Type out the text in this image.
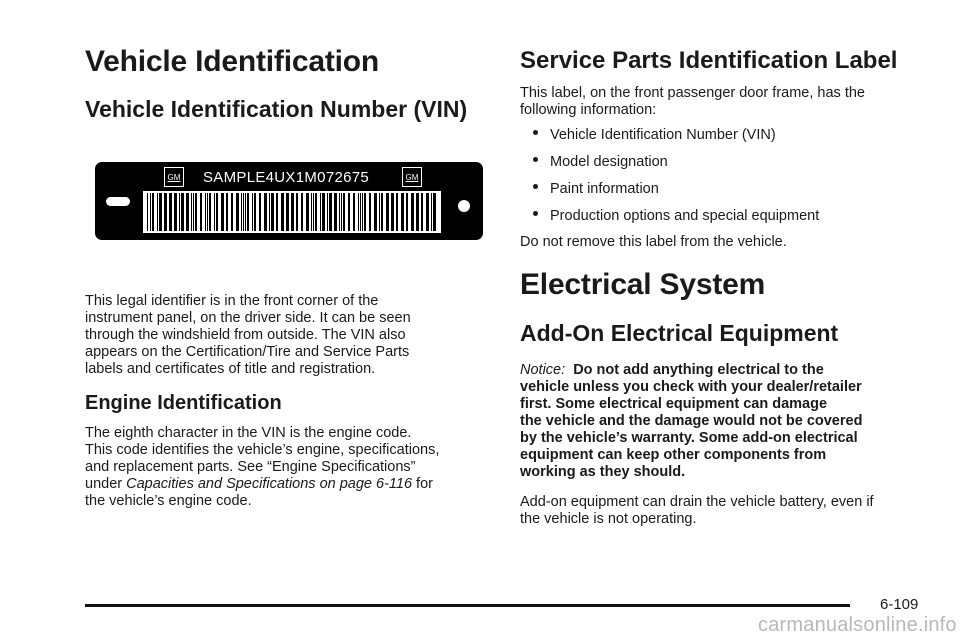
Vehicle Identification
Vehicle Identification Number (VIN)
GM SAMPLE4UX1M072675	GM

This legal identifier is in the front corner of the
instrument panel, on the driver side. It can be seen
through the windshield from outside. The VIN also
appears on the Certification/Tire and Service Parts
labels and certificates of title and registration.

Engine Identification

The eighth character in the VIN is the engine code.
This code identifies the vehicle’s engine, specifications,
and replacement parts. See “Engine Specifications”
under Capacities and Specifications on page 6-116 for
the vehicle’s engine code.

Service Parts Identification Label

This label, on the front passenger door frame, has the
following information:

Vehicle Identification Number (VIN)
Model designation
Paint information
Production options and special equipment

Do not remove this label from the vehicle.

Electrical System
Add-On Electrical Equipment

Notice: Do not add anything electrical to the
vehicle unless you check with your dealer/retailer
first. Some electrical equipment can damage
the vehicle and the damage would not be covered
by the vehicle’s warranty. Some add-on electrical
equipment can keep other components from
working as they should.

Add-on equipment can drain the vehicle battery, even if
the vehicle is not operating.

6-109
carmanualsonline.info
